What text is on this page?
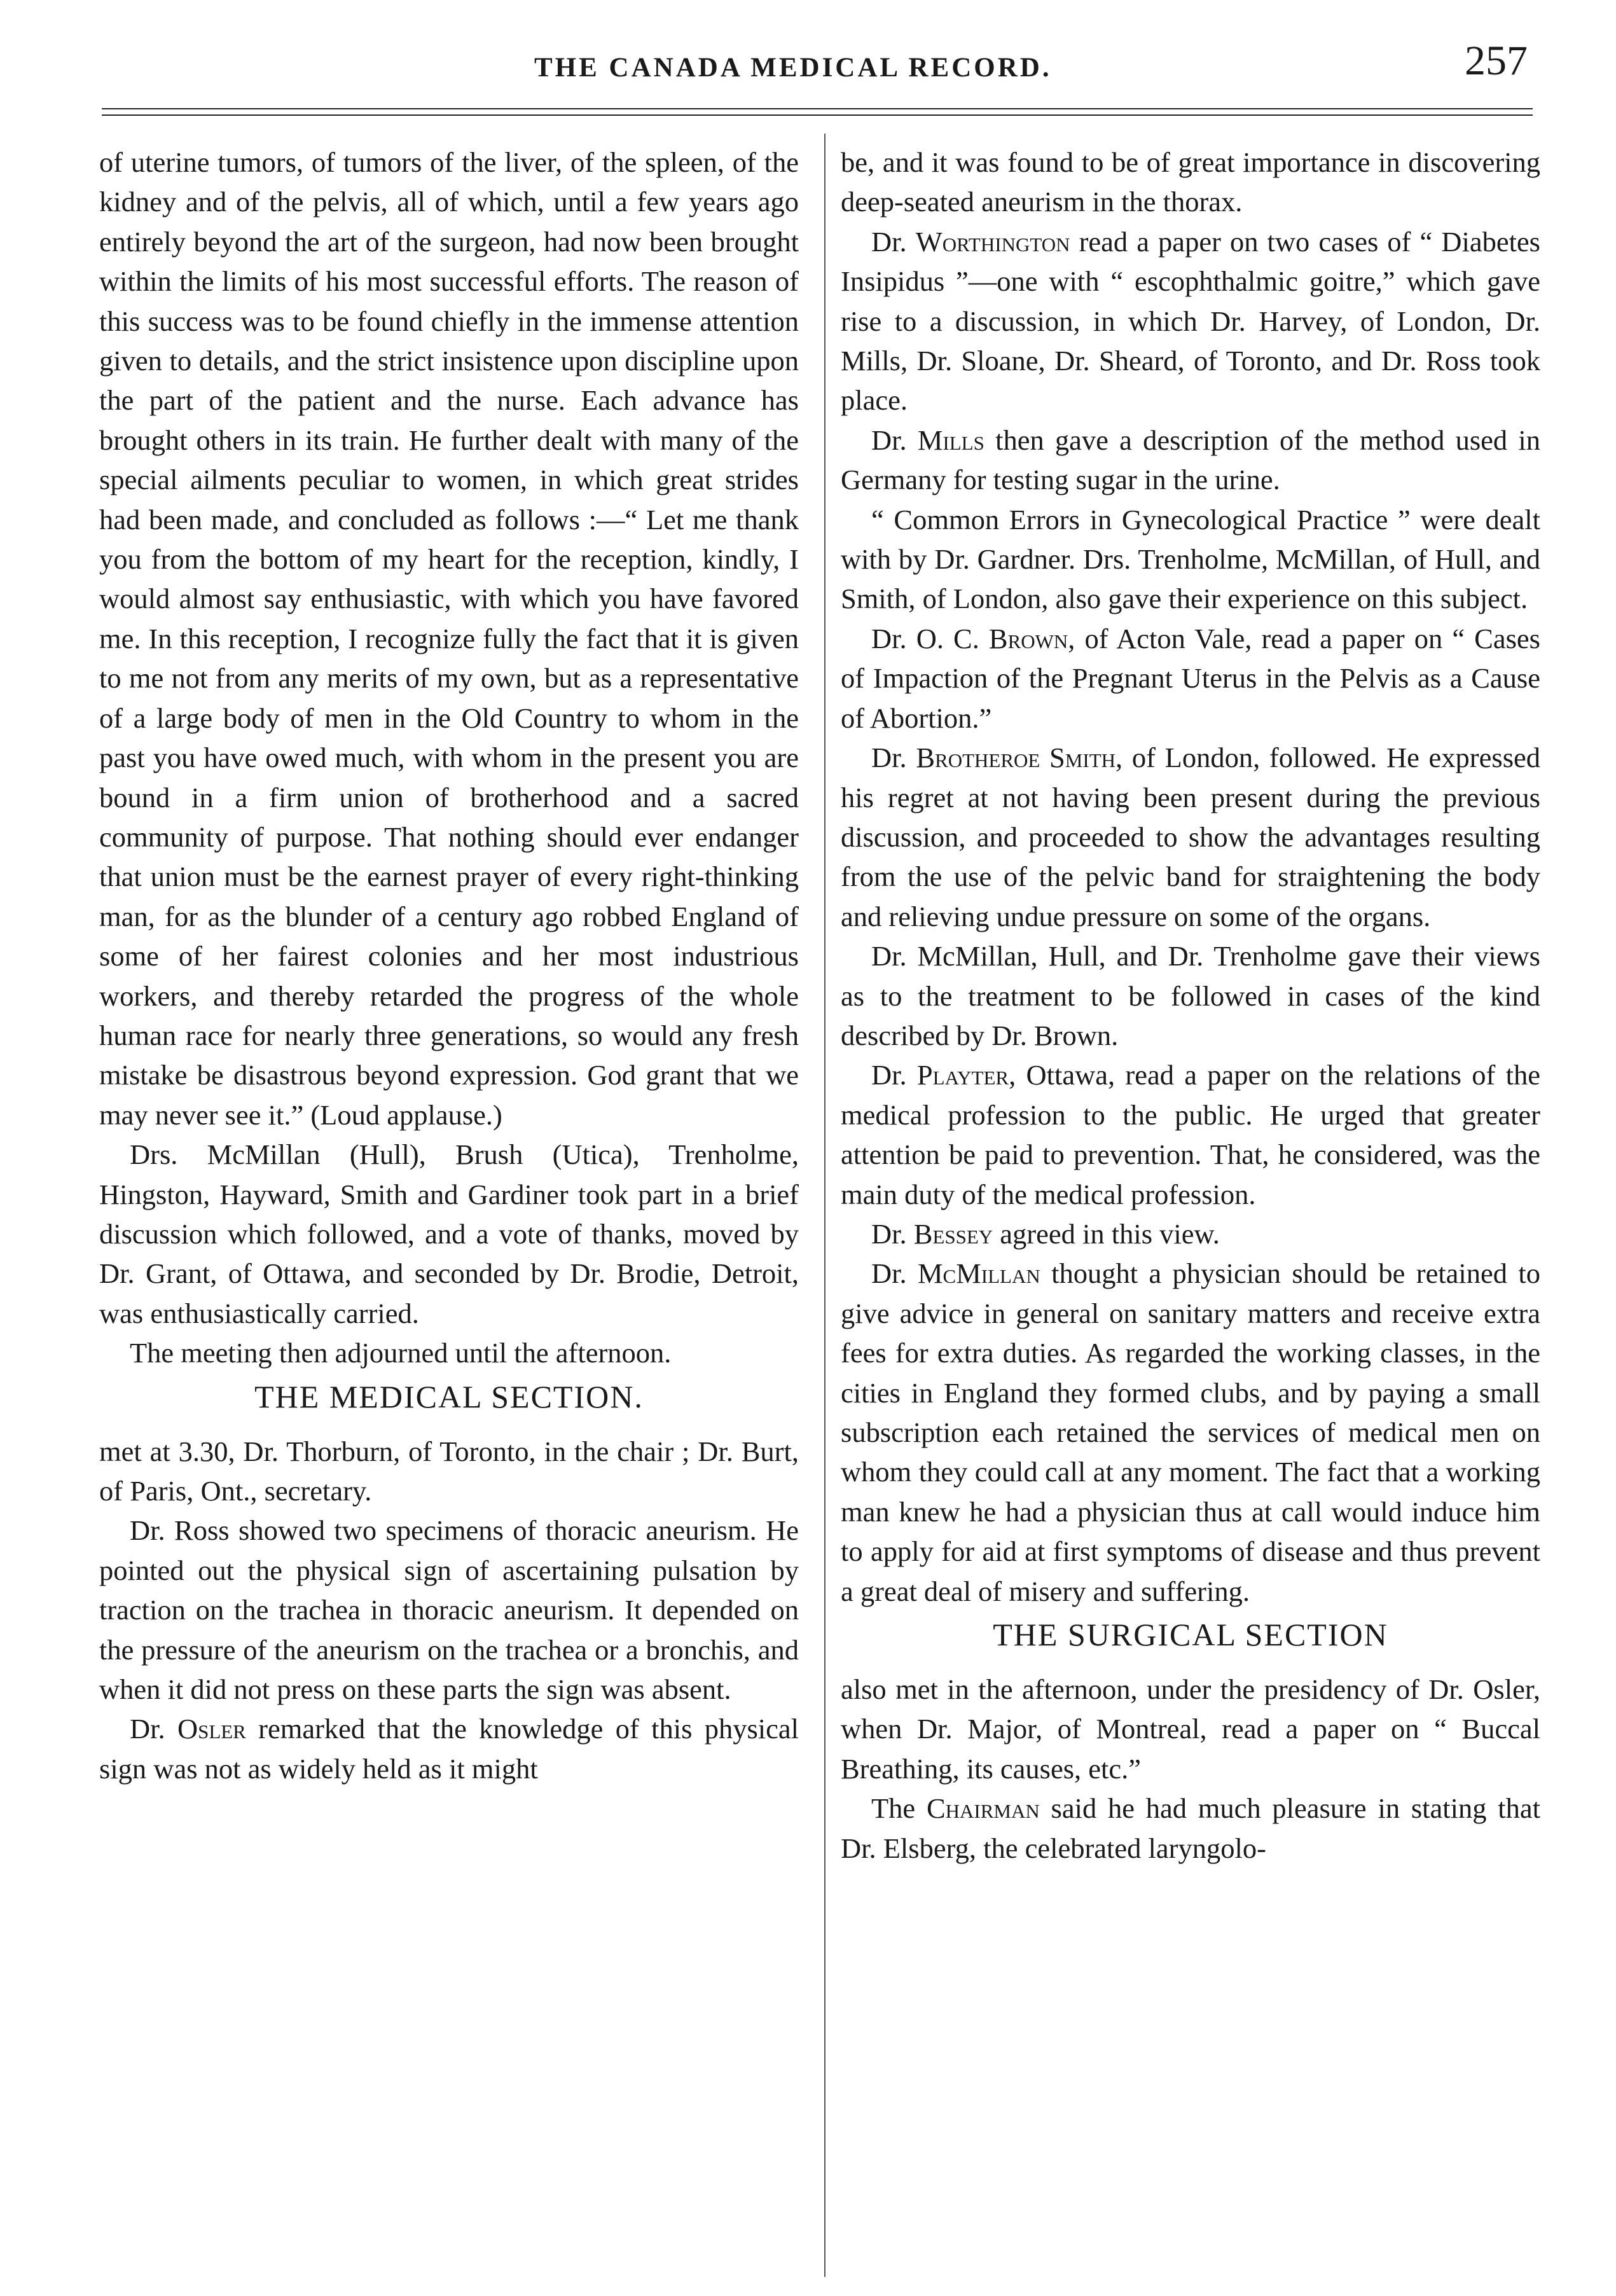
THE CANADA MEDICAL RECORD.	257

of uterine tumors, of tumors of the liver, of the spleen, of the kidney and of the pelvis, all of which, until a few years ago entirely beyond the art of the surgeon, had now been brought within the limits of his most successful efforts. The reason of this success was to be found chiefly in the immense attention given to details, and the strict insistence upon discipline upon the part of the patient and the nurse. Each advance has brought others in its train. He further dealt with many of the special ailments peculiar to women, in which great strides had been made, and concluded as follows :—“ Let me thank you from the bottom of my heart for the reception, kindly, I would almost say enthusiastic, with which you have favored me. In this reception, I recognize fully the fact that it is given to me not from any merits of my own, but as a representative of a large body of men in the Old Country to whom in the past you have owed much, with whom in the present you are bound in a firm union of brotherhood and a sacred community of purpose. That nothing should ever endanger that union must be the earnest prayer of every right-thinking man, for as the blunder of a century ago robbed England of some of her fairest colonies and her most industrious workers, and thereby retarded the progress of the whole human race for nearly three generations, so would any fresh mistake be disastrous beyond expression. God grant that we may never see it.” (Loud applause.)

Drs. McMillan (Hull), Brush (Utica), Trenholme, Hingston, Hayward, Smith and Gardiner took part in a brief discussion which followed, and a vote of thanks, moved by Dr. Grant, of Ottawa, and seconded by Dr. Brodie, Detroit, was enthusiastically carried.

The meeting then adjourned until the afternoon.

THE MEDICAL SECTION.

met at 3.30, Dr. Thorburn, of Toronto, in the chair ; Dr. Burt, of Paris, Ont., secretary.

Dr. Ross showed two specimens of thoracic aneurism. He pointed out the physical sign of ascertaining pulsation by traction on the trachea in thoracic aneurism. It depended on the pressure of the aneurism on the trachea or a bronchis, and when it did not press on these parts the sign was absent.

Dr. Osler remarked that the knowledge of this physical sign was not as widely held as it might

be, and it was found to be of great importance in discovering deep-seated aneurism in the thorax.

Dr. Worthington read a paper on two cases of “ Diabetes Insipidus ”—one with “ escophthalmic goitre,” which gave rise to a discussion, in which Dr. Harvey, of London, Dr. Mills, Dr. Sloane, Dr. Sheard, of Toronto, and Dr. Ross took place.

Dr. Mills then gave a description of the method used in Germany for testing sugar in the urine.

“ Common Errors in Gynecological Practice ” were dealt with by Dr. Gardner. Drs. Trenholme, McMillan, of Hull, and Smith, of London, also gave their experience on this subject.

Dr. O. C. Brown, of Acton Vale, read a paper on “ Cases of Impaction of the Pregnant Uterus in the Pelvis as a Cause of Abortion.”

Dr. Brotheroe Smith, of London, followed. He expressed his regret at not having been present during the previous discussion, and proceeded to show the advantages resulting from the use of the pelvic band for straightening the body and relieving undue pressure on some of the organs.

Dr. McMillan, Hull, and Dr. Trenholme gave their views as to the treatment to be followed in cases of the kind described by Dr. Brown.

Dr. Playter, Ottawa, read a paper on the relations of the medical profession to the public. He urged that greater attention be paid to prevention. That, he considered, was the main duty of the medical profession.

Dr. Bessey agreed in this view.

Dr. McMillan thought a physician should be retained to give advice in general on sanitary matters and receive extra fees for extra duties. As regarded the working classes, in the cities in England they formed clubs, and by paying a small subscription each retained the services of medical men on whom they could call at any moment. The fact that a working man knew he had a physician thus at call would induce him to apply for aid at first symptoms of disease and thus prevent a great deal of misery and suffering.

THE SURGICAL SECTION

also met in the afternoon, under the presidency of Dr. Osler, when Dr. Major, of Montreal, read a paper on “ Buccal Breathing, its causes, etc.”

The Chairman said he had much pleasure in stating that Dr. Elsberg, the celebrated laryngolo-
